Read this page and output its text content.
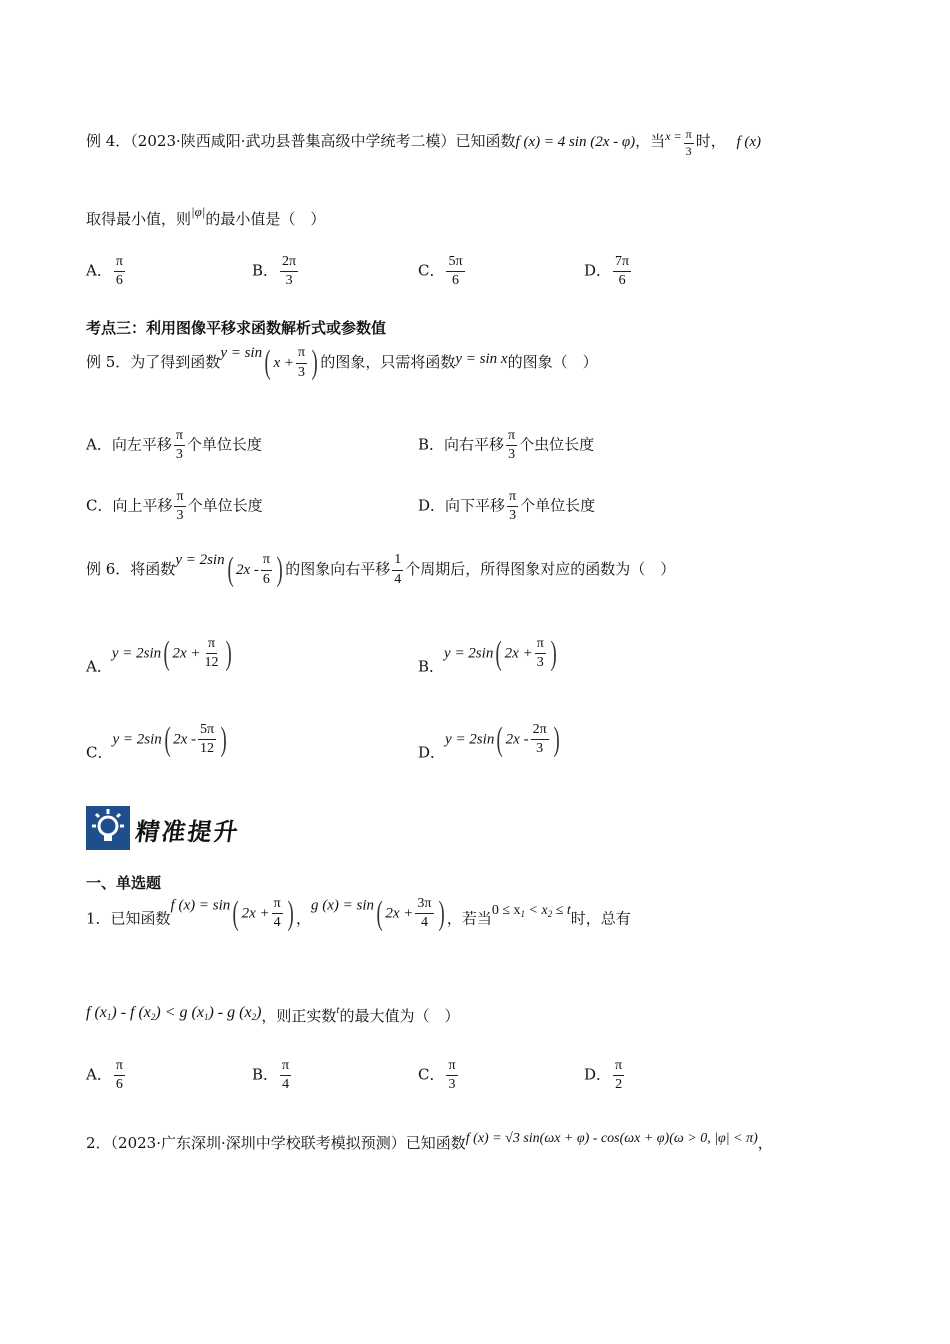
例 4．（2023·陕西咸阳·武功县普集高级中学统考二模）已知函数f (x) = 4 sin (2x - φ)，当$^{x =} \frac{\pi}{3}$ 时， f (x)
取得最小值，则|φ|的最小值是（　）
A． $\frac{\pi}{6}$	B． $\frac{2\pi}{3}$	C． $\frac{5\pi}{6}$	D． $\frac{7\pi}{6}$
考点三：利用图像平移求函数解析式或参数值
例 5．为了得到函数y = sin( $x + \frac{\pi}{3}$ ) 的图象，只需将函数y = sin x的图象（　）
A．向左平移 $\frac{\pi}{3}$ 个单位长度	B．向右平移 $\frac{\pi}{3}$ 个虫位长度
C．向上平移 $\frac{\pi}{3}$ 个单位长度	D．向下平移 $\frac{\pi}{3}$ 个单位长度
例 6．将函数y = 2sin( $2x - \frac{\pi}{6}$ ) 的图象向右平移 $\frac{1}{4}$ 个周期后，所得图象对应的函数为（　）
A．y = 2sin( $2x + \frac{\pi}{12}$ )	B．y = 2sin( $2x + \frac{\pi}{3}$ )
C．y = 2sin( $2x - \frac{5\pi}{12}$ )	D．y = 2sin( $2x - \frac{2\pi}{3}$ )
精准提升
一、单选题
1．已知函数f (x) = sin( $2x + \frac{\pi}{4}$ ) ，g (x) = sin( $2x + \frac{3\pi}{4}$ ) ，若当$0 \le x_1 < x_2 \le t$时，总有
f $(x_1)$ - f $(x_2) < g$ $(x_1)$ - g $(x_2)$，则正实数$^t$的最大值为（　）
A． $\frac{\pi}{6}$	B． $\frac{\pi}{4}$	C． $\frac{\pi}{3}$	D． $\frac{\pi}{2}$
2．（2023·广东深圳·深圳中学校联考模拟预测）已知函数f (x) = √3 sin(ωx + φ) - cos(ωx + φ)(ω > 0, |φ| < π)，
